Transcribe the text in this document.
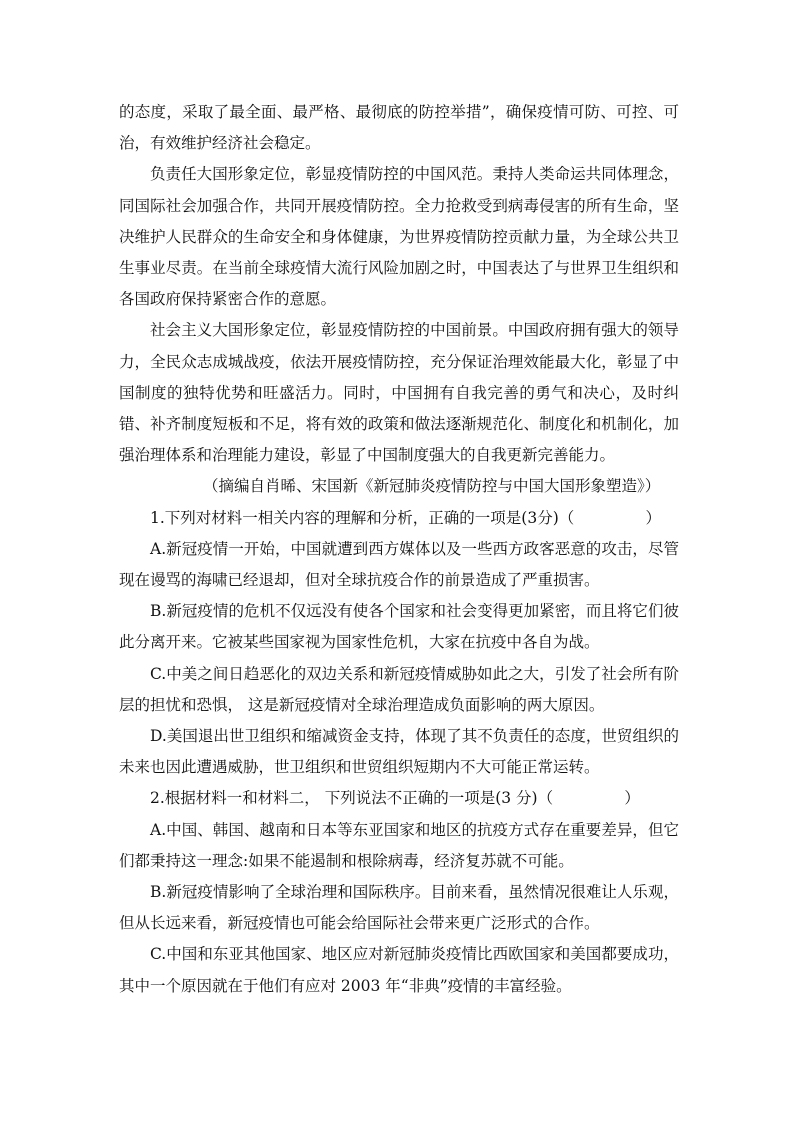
的态度，采取了最全面、最严格、最彻底的防控举措”，确保疫情可防、可控、可治，有效维护经济社会稳定。

负责任大国形象定位，彰显疫情防控的中国风范。秉持人类命运共同体理念，同国际社会加强合作，共同开展疫情防控。全力抢救受到病毒侵害的所有生命，坚决维护人民群众的生命安全和身体健康，为世界疫情防控贡献力量，为全球公共卫生事业尽责。在当前全球疫情大流行风险加剧之时，中国表达了与世界卫生组织和各国政府保持紧密合作的意愿。

社会主义大国形象定位，彰显疫情防控的中国前景。中国政府拥有强大的领导力，全民众志成城战疫，依法开展疫情防控，充分保证治理效能最大化，彰显了中国制度的独特优势和旺盛活力。同时，中国拥有自我完善的勇气和决心，及时纠错、补齐制度短板和不足，将有效的政策和做法逐渐规范化、制度化和机制化，加强治理体系和治理能力建设，彰显了中国制度强大的自我更新完善能力。

（摘编自肖晞、宋国新《新冠肺炎疫情防控与中国大国形象塑造》）

1.下列对材料一相关内容的理解和分析，正确的一项是(3分)（	）

A.新冠疫情一开始，中国就遭到西方媒体以及一些西方政客恶意的攻击，尽管现在谩骂的海啸已经退却，但对全球抗疫合作的前景造成了严重损害。

B.新冠疫情的危机不仅远没有使各个国家和社会变得更加紧密，而且将它们彼此分离开来。它被某些国家视为国家性危机，大家在抗疫中各自为战。

C.中美之间日趋恶化的双边关系和新冠疫情威胁如此之大，引发了社会所有阶层的担忧和恐惧， 这是新冠疫情对全球治理造成负面影响的两大原因。

D.美国退出世卫组织和缩减资金支持，体现了其不负责任的态度，世贸组织的未来也因此遭遇威胁，世卫组织和世贸组织短期内不大可能正常运转。

2.根据材料一和材料二， 下列说法不正确的一项是(3 分)（	）

A.中国、韩国、越南和日本等东亚国家和地区的抗疫方式存在重要差异，但它们都秉持这一理念:如果不能遏制和根除病毒，经济复苏就不可能。

B.新冠疫情影响了全球治理和国际秩序。目前来看，虽然情况很难让人乐观，但从长远来看，新冠疫情也可能会给国际社会带来更广泛形式的合作。

C.中国和东亚其他国家、地区应对新冠肺炎疫情比西欧国家和美国都要成功，其中一个原因就在于他们有应对 2003 年“非典”疫情的丰富经验。
